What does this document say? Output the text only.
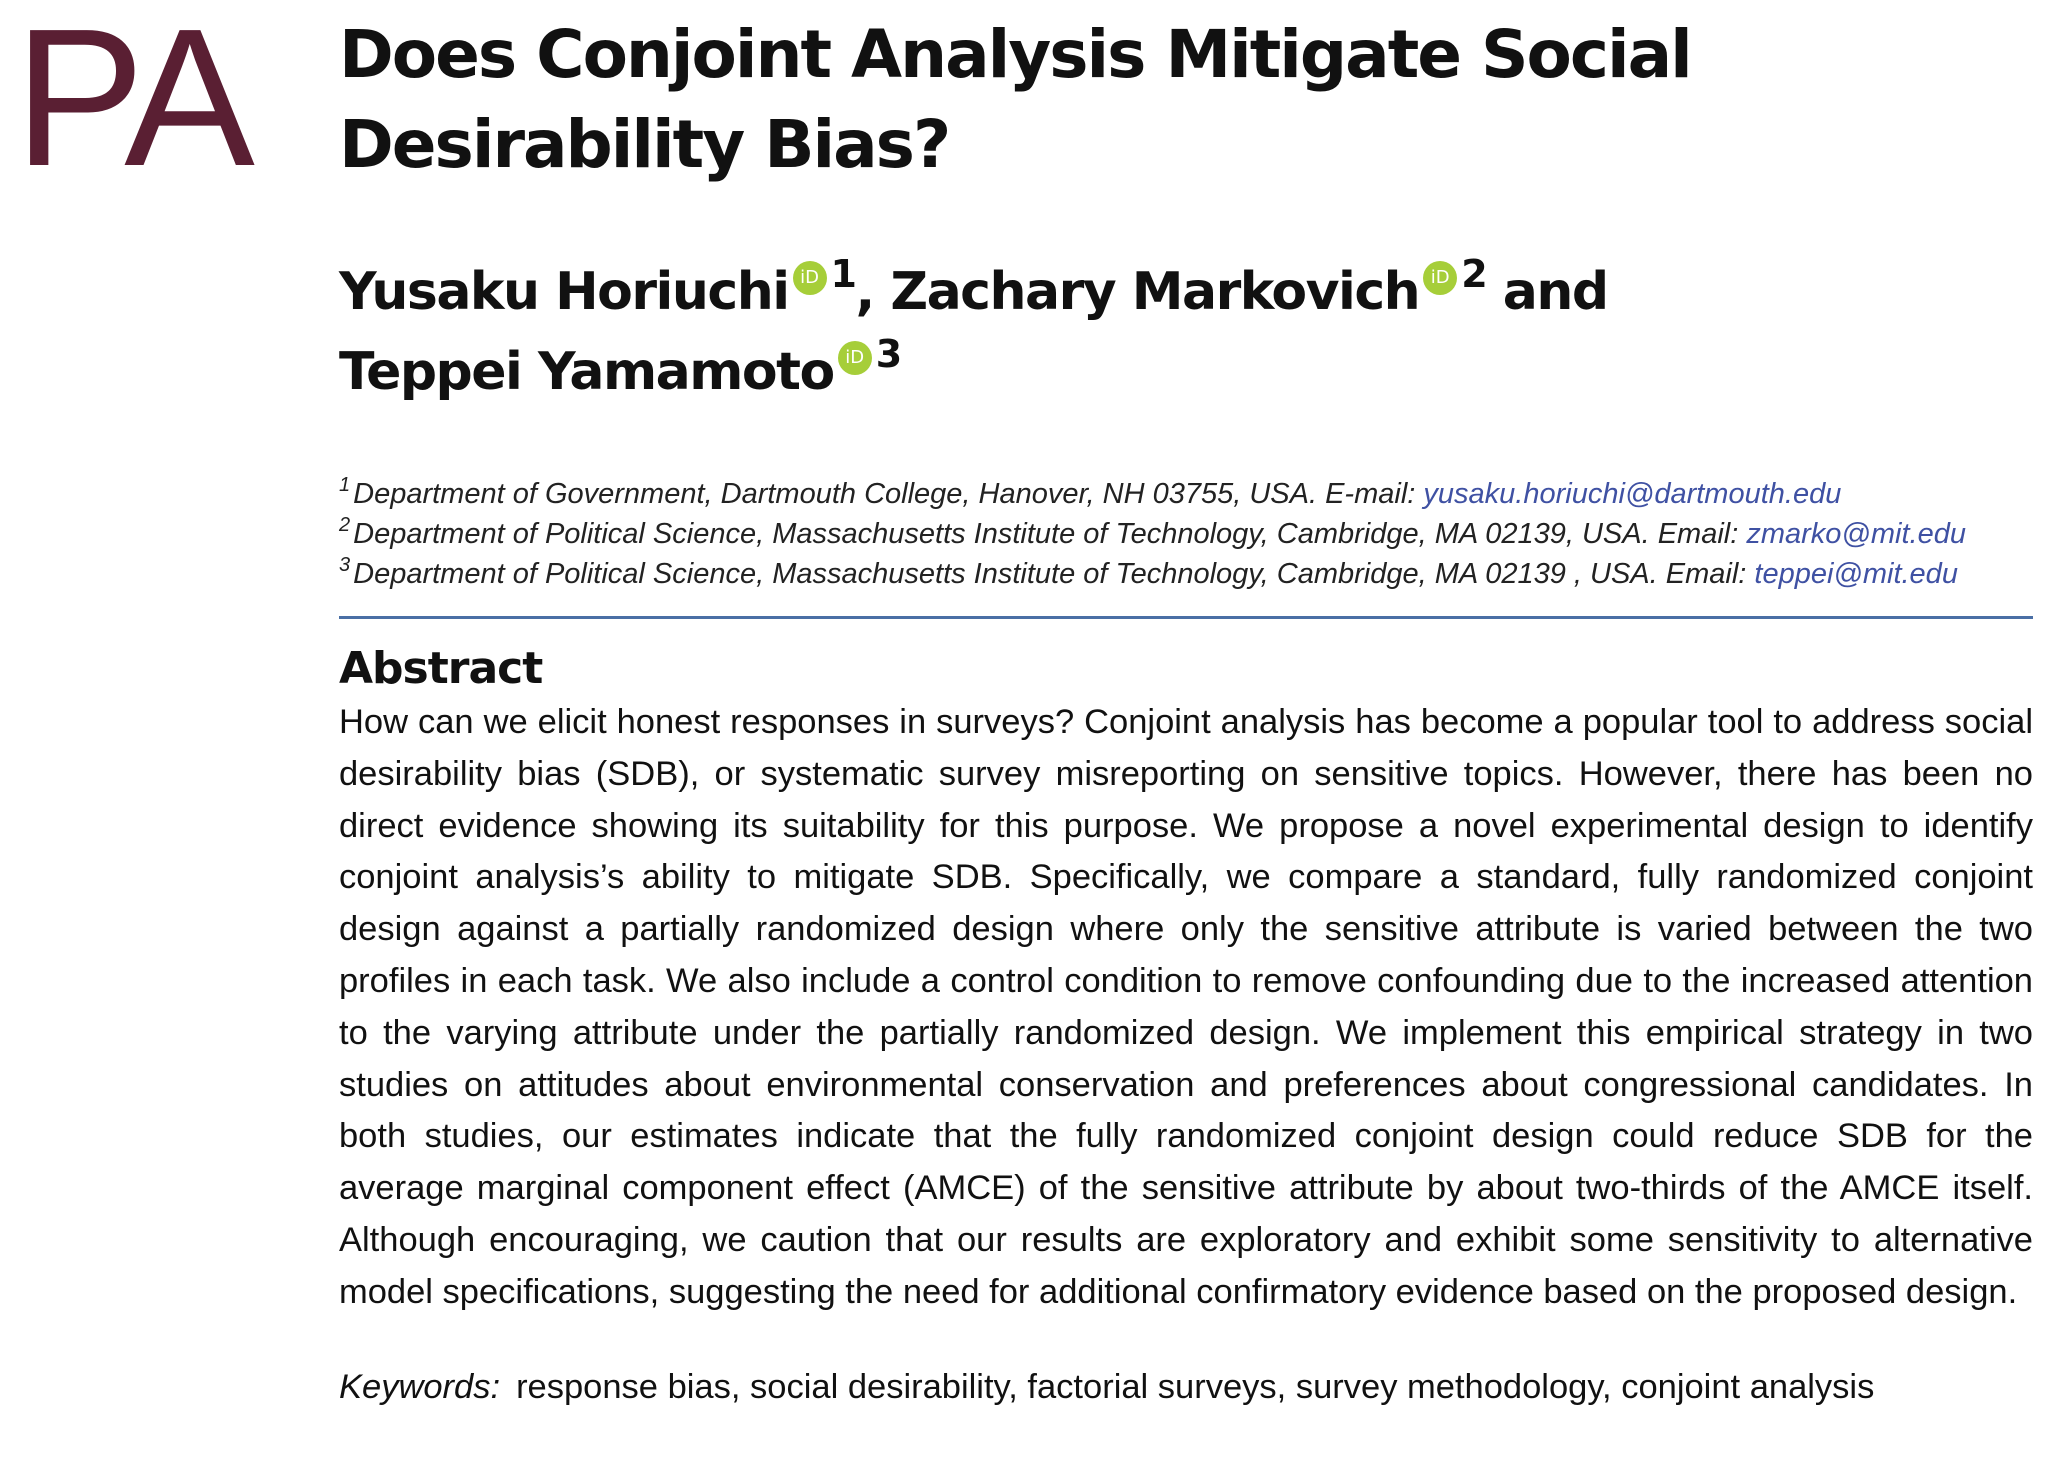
PA Does Conjoint Analysis Mitigate Social Desirability Bias?
Yusaku Horiuchi iD $^1$, Zachary Markovich iD $^2$ and
Teppei Yamamoto iD $^3$
$^1$ Department of Government, Dartmouth College, Hanover, NH 03755, USA. E-mail: yusaku.horiuchi@dartmouth.edu
$^2$ Department of Political Science, Massachusetts Institute of Technology, Cambridge, MA 02139, USA. Email: zmarko@mit.edu
$^3$ Department of Political Science, Massachusetts Institute of Technology, Cambridge, MA 02139 , USA. Email: teppei@mit.edu
Abstract
How can we elicit honest responses in surveys? Conjoint analysis has become a popular tool to address social desirability bias (SDB), or systematic survey misreporting on sensitive topics. However, there has been no direct evidence showing its suitability for this purpose. We propose a novel experimental design to identify conjoint analysis’s ability to mitigate SDB. Specifically, we compare a standard, fully randomized conjoint design against a partially randomized design where only the sensitive attribute is varied between the two profiles in each task. We also include a control condition to remove confounding due to the increased attention to the varying attribute under the partially randomized design. We implement this empirical strategy in two studies on attitudes about environmental conservation and preferences about congressional candidates. In both studies, our estimates indicate that the fully randomized conjoint design could reduce SDB for the average marginal component effect (AMCE) of the sensitive attribute by about two-thirds of the AMCE itself. Although encouraging, we caution that our results are exploratory and exhibit some sensitivity to alternative model specifications, suggesting the need for additional confirmatory evidence based on the proposed design.
Keywords: response bias, social desirability, factorial surveys, survey methodology, conjoint analysis
